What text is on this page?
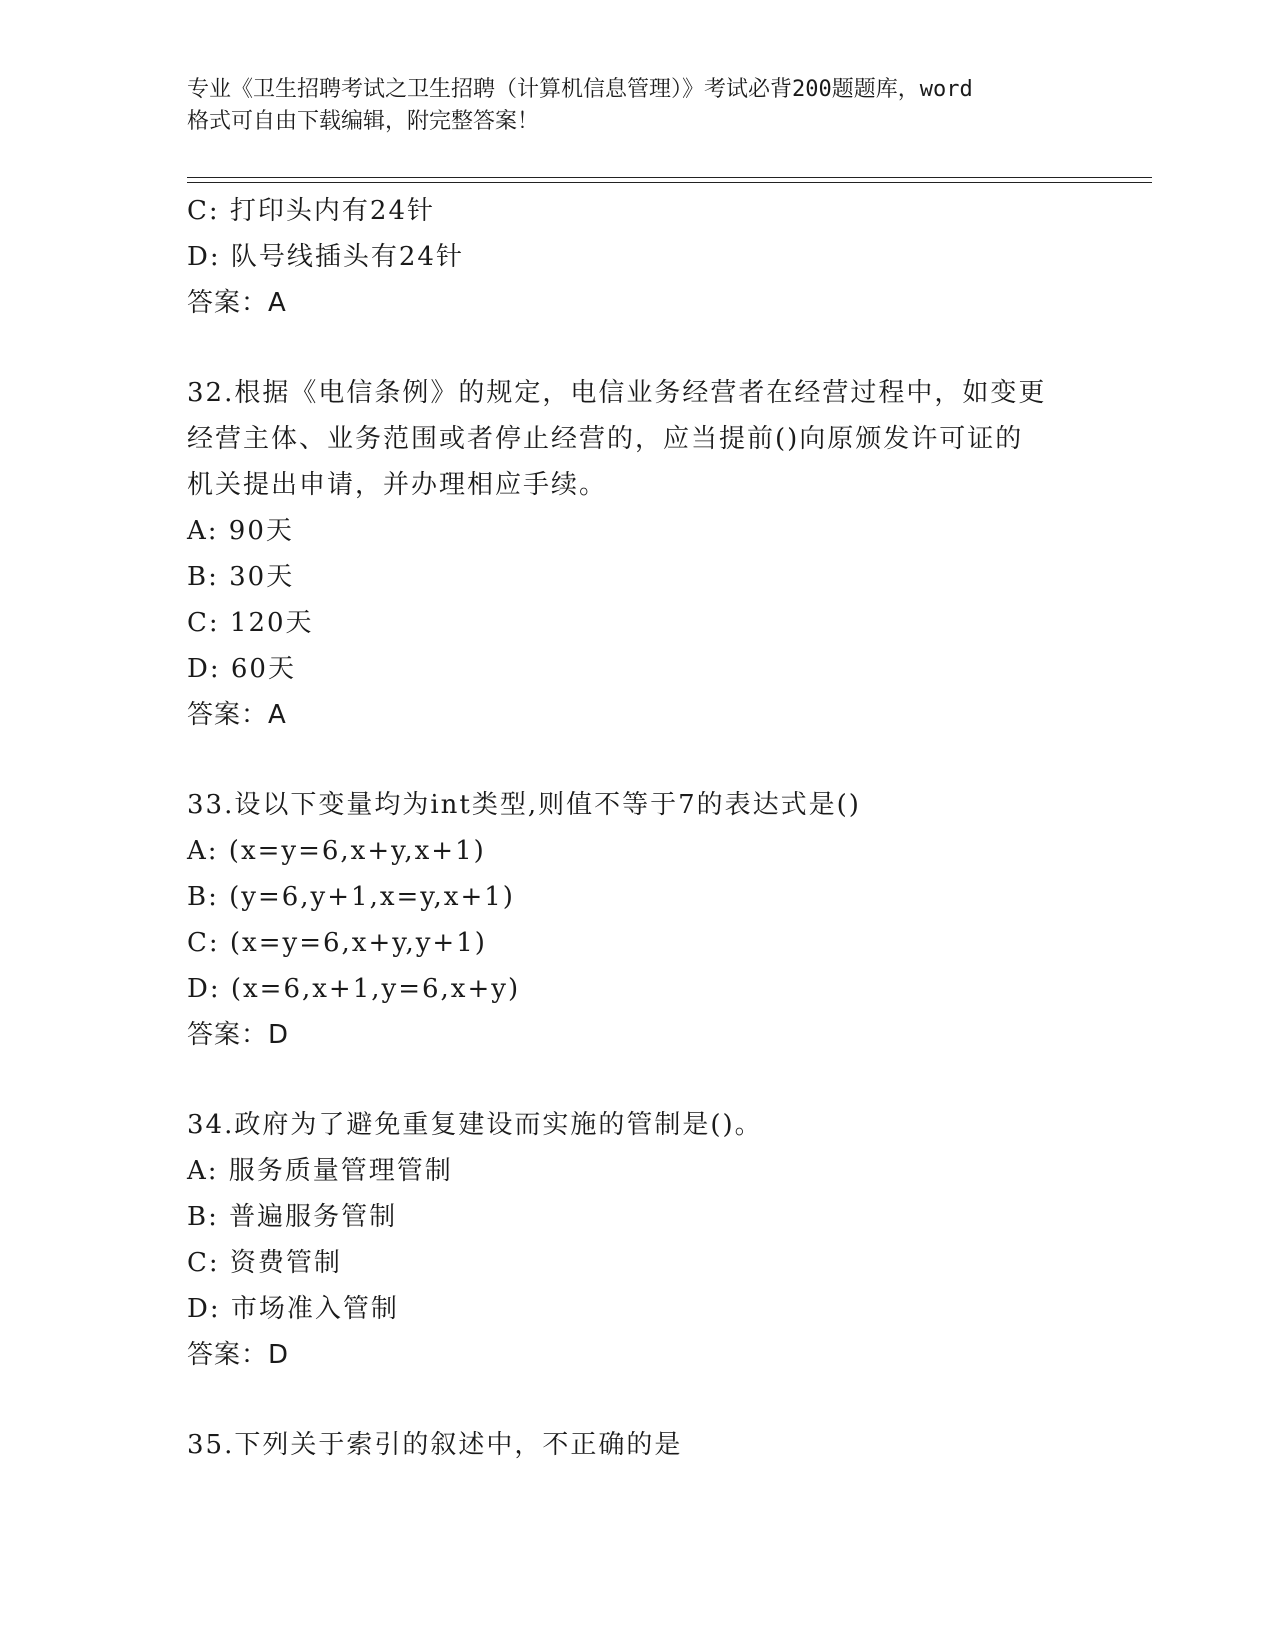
专业《卫生招聘考试之卫生招聘（计算机信息管理）》考试必背200题题库，word
格式可自由下载编辑，附完整答案！
C: 打印头内有24针
D: 队号线插头有24针
答案：A
32.根据《电信条例》的规定，电信业务经营者在经营过程中，如变更
经营主体、业务范围或者停止经营的，应当提前()向原颁发许可证的
机关提出申请，并办理相应手续。
A: 90天
B: 30天
C: 120天
D: 60天
答案：A
33.设以下变量均为int类型,则值不等于7的表达式是()
A: (x=y=6,x+y,x+1)
B: (y=6,y+1,x=y,x+1)
C: (x=y=6,x+y,y+1)
D: (x=6,x+1,y=6,x+y)
答案：D
34.政府为了避免重复建设而实施的管制是()。
A: 服务质量管理管制
B: 普遍服务管制
C: 资费管制
D: 市场准入管制
答案：D
35.下列关于索引的叙述中，不正确的是
